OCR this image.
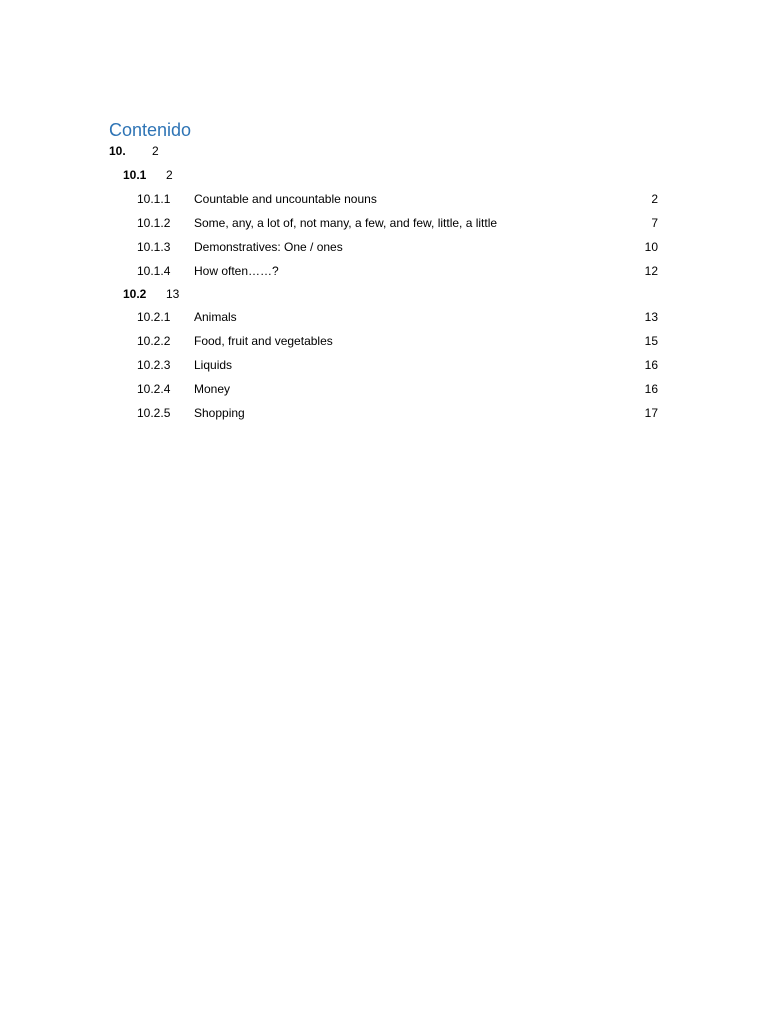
Contenido
10. 2
10.1 2
10.1.1 Countable and uncountable nouns	2
10.1.2 Some, any, a lot of, not many, a few, and few, little, a little	7
10.1.3 Demonstratives: One / ones	10
10.1.4 How often……?	12
10.2 13
10.2.1 Animals	13
10.2.2 Food, fruit and vegetables	15
10.2.3 Liquids	16
10.2.4 Money	16
10.2.5 Shopping	17
